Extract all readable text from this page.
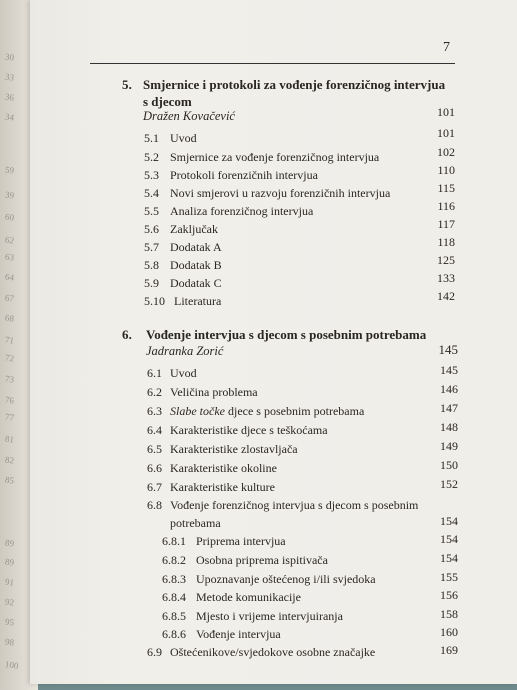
30
33
36
34
59
39
60
62
63
64
67
68
71
72
73
76
77
81
82
85
89
89
91
92
95
98
100
7
5. Smjernice i protokoli za vođenje forenzičnog intervjua
s djecom
Dražen Kovačević	101
5.1 Uvod	101
5.2 Smjernice za vođenje forenzičnog intervjua	102
5.3 Protokoli forenzičnih intervjua	110
5.4 Novi smjerovi u razvoju forenzičnih intervjua	115
5.5 Analiza forenzičnog intervjua	116
5.6 Zaključak	117
5.7 Dodatak A	118
5.8 Dodatak B	125
5.9 Dodatak C	133
5.10 Literatura	142
6. Vođenje intervjua s djecom s posebnim potrebama
Jadranka Zorić	145
6.1 Uvod	145
6.2 Veličina problema	146
6.3 Slabe točke djece s posebnim potrebama	147
6.4 Karakteristike djece s teškoćama	148
6.5 Karakteristike zlostavljača	149
6.6 Karakteristike okoline	150
6.7 Karakteristike kulture	152
6.8 Vođenje forenzičnog intervjua s djecom s posebnim
potrebama	154
6.8.1 Priprema intervjua	154
6.8.2 Osobna priprema ispitivača	154
6.8.3 Upoznavanje oštećenog i/ili svjedoka	155
6.8.4 Metode komunikacije	156
6.8.5 Mjesto i vrijeme intervjuiranja	158
6.8.6 Vođenje intervjua	160
6.9 Oštećenikove/svjedokove osobne značajke	169
